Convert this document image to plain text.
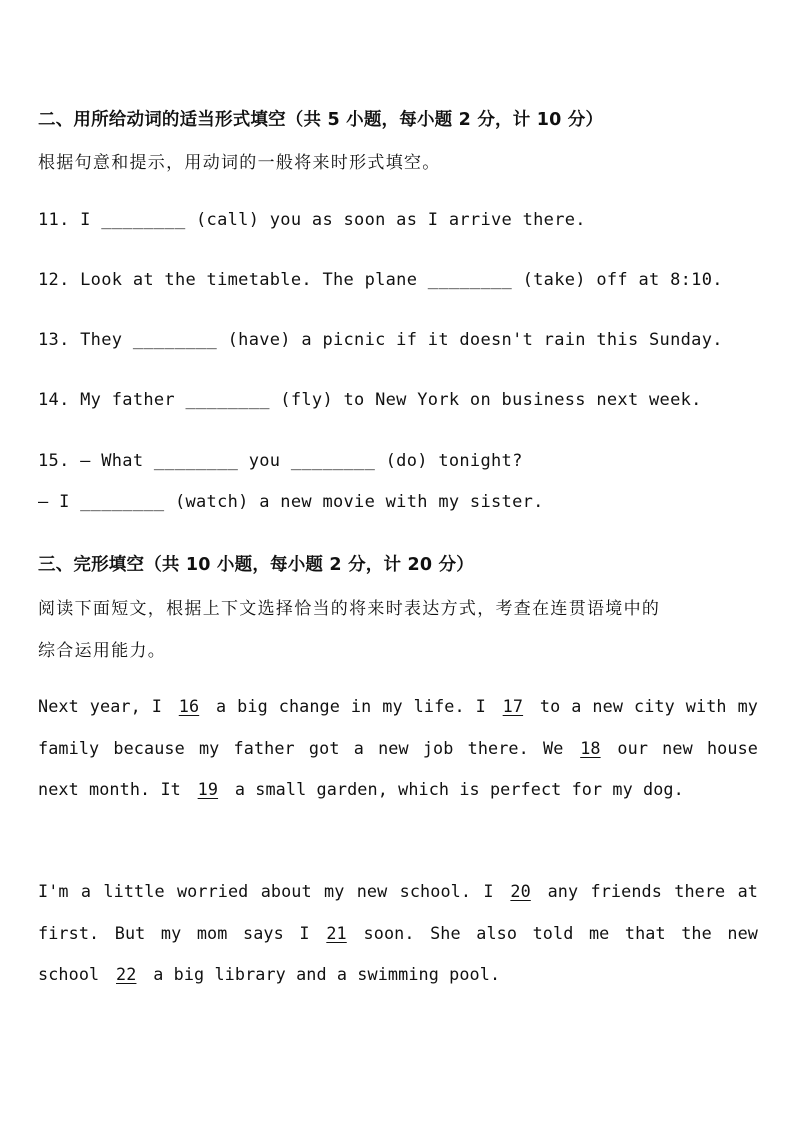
二、用所给动词的适当形式填空（共 5 小题，每小题 2 分，计 10 分）
根据句意和提示，用动词的一般将来时形式填空。
11. I ________ (call) you as soon as I arrive there.
12. Look at the timetable. The plane ________ (take) off at 8:10.
13. They ________ (have) a picnic if it doesn't rain this Sunday.
14. My father ________ (fly) to New York on business next week.
15. — What ________ you ________ (do) tonight?
— I ________ (watch) a new movie with my sister.
三、完形填空（共 10 小题，每小题 2 分，计 20 分）
阅读下面短文，根据上下文选择恰当的将来时表达方式，考查在连贯语境中的
综合运用能力。
Next year, I 16 a big change in my life. I 17 to a new city with my family because my father got a new job there. We 18 our new house next month. It 19 a small garden, which is perfect for my dog.
I'm a little worried about my new school. I 20 any friends there at first. But my mom says I 21 soon. She also told me that the new school 22 a big library and a swimming pool.
